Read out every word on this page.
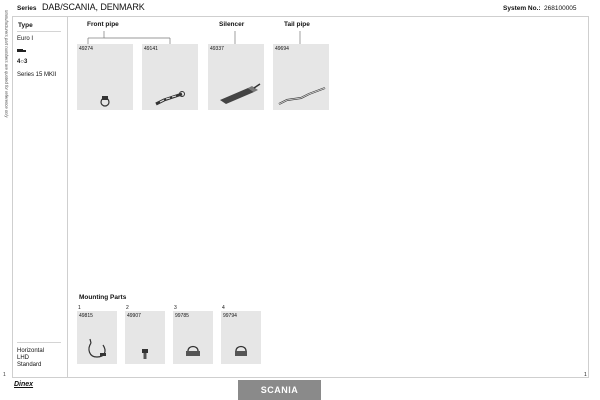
Manufacturers part numbers are quoted for reference only
1
Series DAB/SCANIA, DENMARK	System No.: 268100005
Type
Euro I
4○3
Series 15 MKII
Horizontal
LHD
Standard
Front pipe	Silencer	Tail pipe
49274	49141	49337	49694
Mounting Parts
1	2	3	4
49815	49907	99785	99794
Dinex
SCANIA
1
